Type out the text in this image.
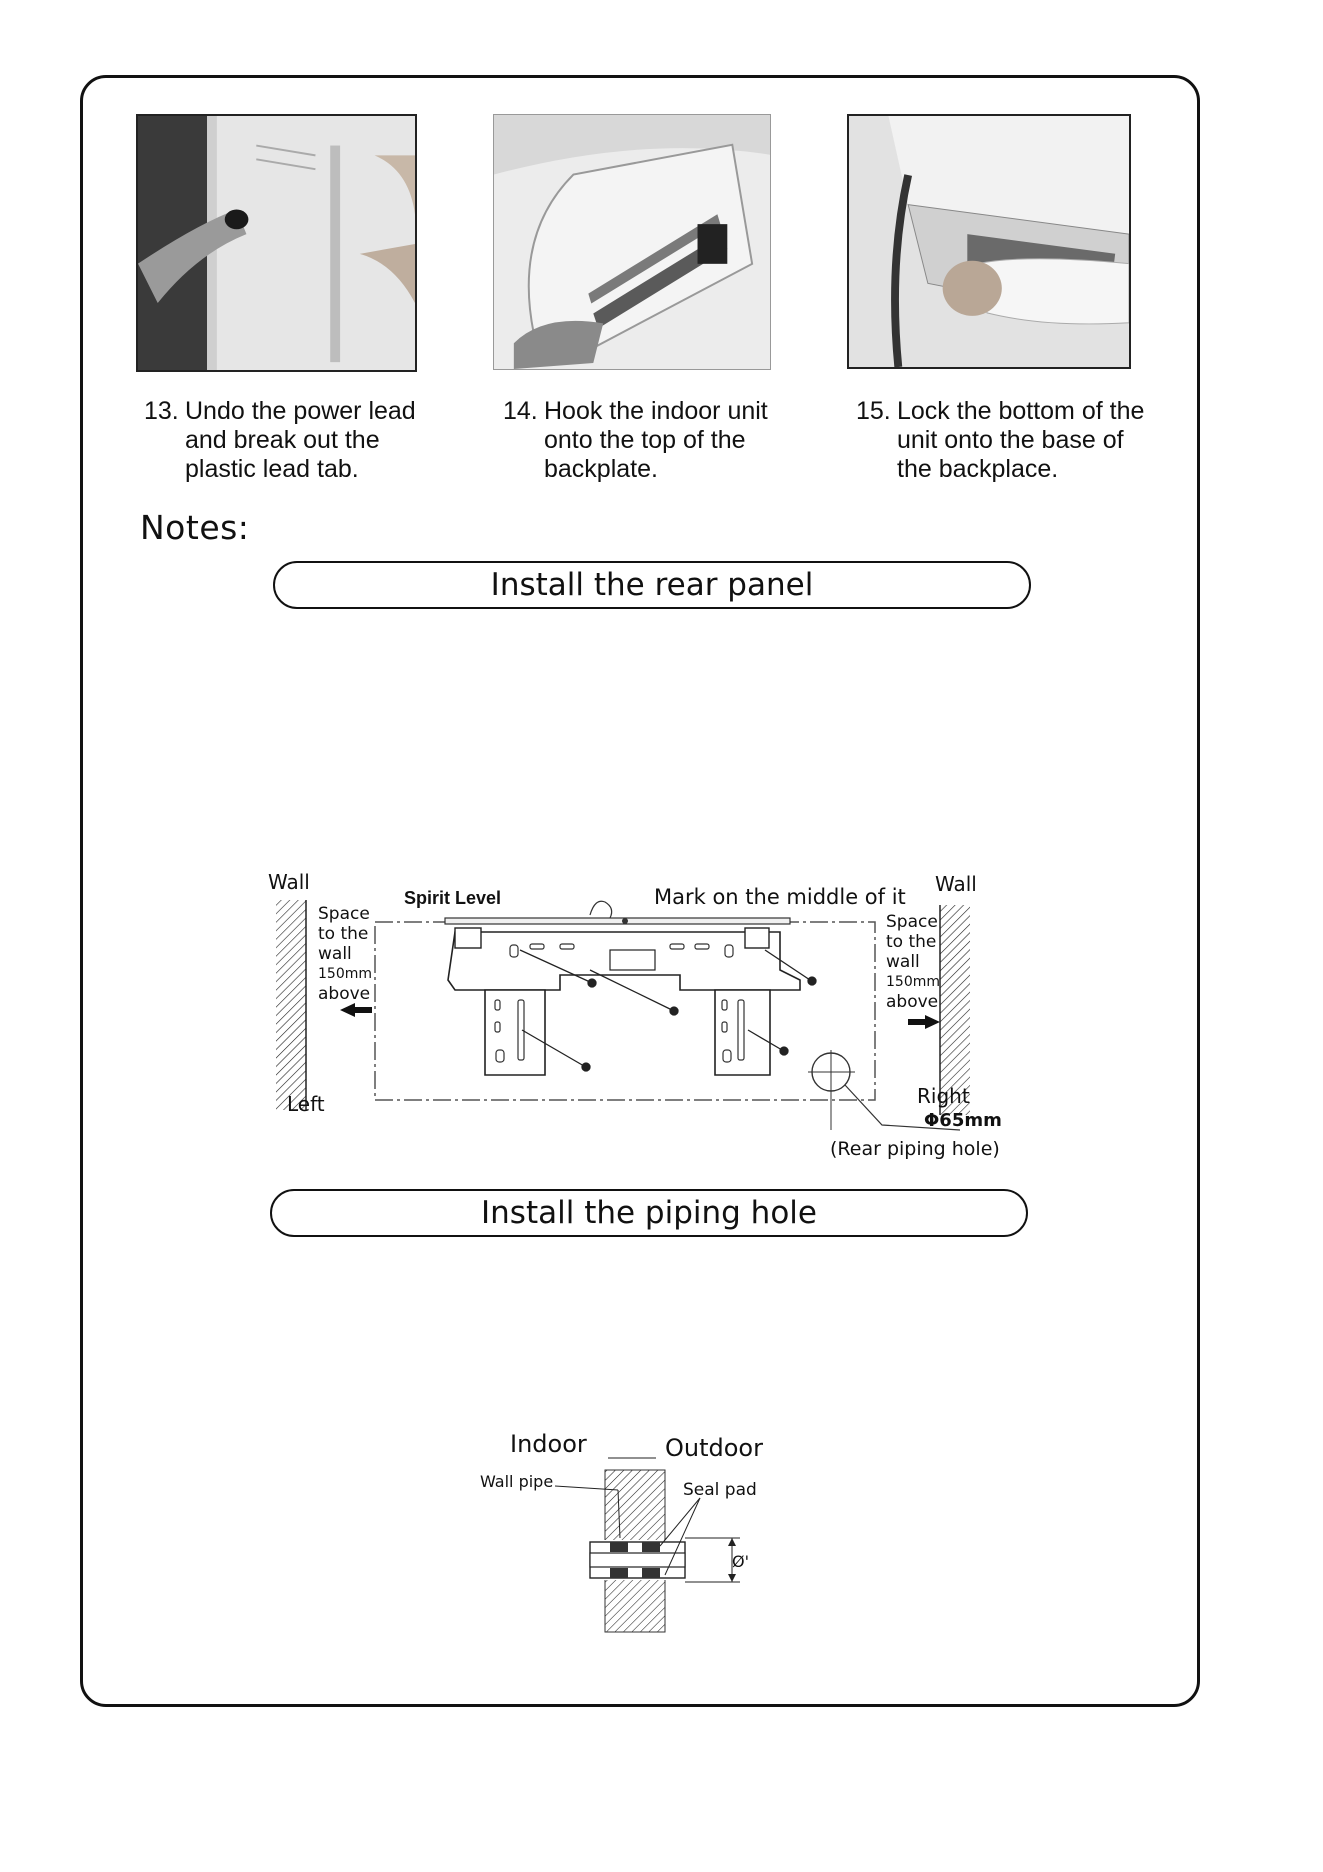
13. Undo the power lead
and break out the
plastic lead tab.
14. Hook the indoor unit
onto the top of the
backplate.
15. Lock the bottom of the
unit onto the base of
the backplace.
Notes:
Install the rear panel
Wall	Wall
Spirit Level	Mark on the middle of it
Space
to the
wall
150mm
above
Space
to the
wall
150mm
above
Left	Right
Φ65mm
(Rear piping hole)
Install the piping hole
Indoor	Outdoor
Wall pipe	Seal pad
Ø'
